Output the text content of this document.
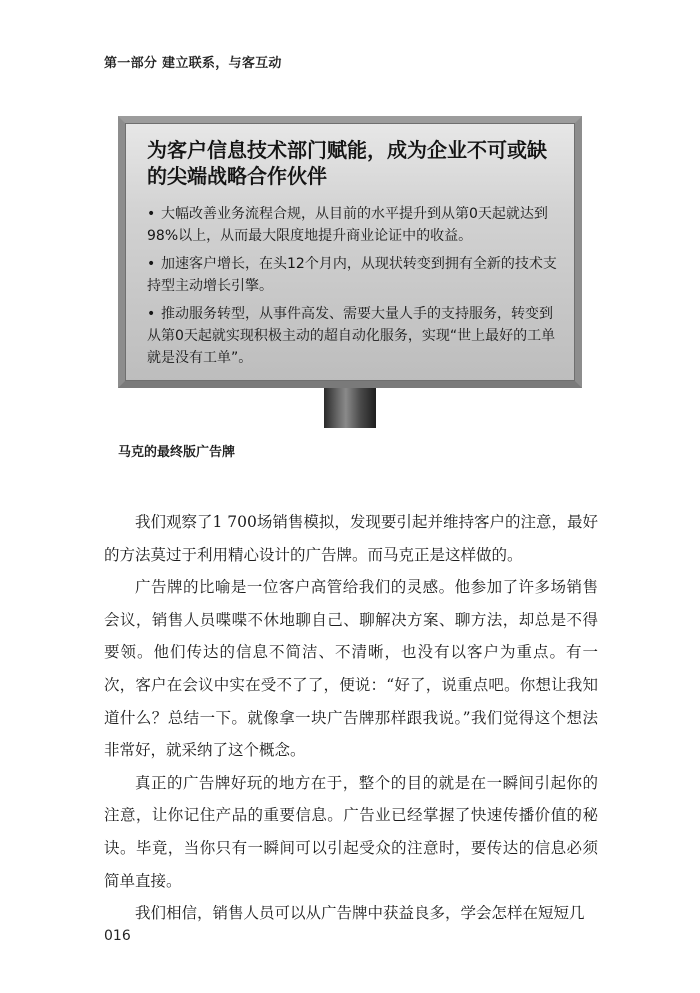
第一部分 建立联系，与客互动
为客户信息技术部门赋能，成为企业不可或缺的尖端战略合作伙伴
• 大幅改善业务流程合规，从目前的水平提升到从第0天起就达到98%以上，从而最大限度地提升商业论证中的收益。
• 加速客户增长，在头12个月内，从现状转变到拥有全新的技术支持型主动增长引擎。
• 推动服务转型，从事件高发、需要大量人手的支持服务，转变到从第0天起就实现积极主动的超自动化服务，实现“世上最好的工单就是没有工单”。
马克的最终版广告牌

我们观察了1 700场销售模拟，发现要引起并维持客户的注意，最好的方法莫过于利用精心设计的广告牌。而马克正是这样做的。

广告牌的比喻是一位客户高管给我们的灵感。他参加了许多场销售会议，销售人员喋喋不休地聊自己、聊解决方案、聊方法，却总是不得要领。他们传达的信息不简洁、不清晰，也没有以客户为重点。有一次，客户在会议中实在受不了了，便说：“好了，说重点吧。你想让我知道什么？总结一下。就像拿一块广告牌那样跟我说。”我们觉得这个想法非常好，就采纳了这个概念。

真正的广告牌好玩的地方在于，整个的目的就是在一瞬间引起你的注意，让你记住产品的重要信息。广告业已经掌握了快速传播价值的秘诀。毕竟，当你只有一瞬间可以引起受众的注意时，要传达的信息必须简单直接。

我们相信，销售人员可以从广告牌中获益良多，学会怎样在短短几

016
